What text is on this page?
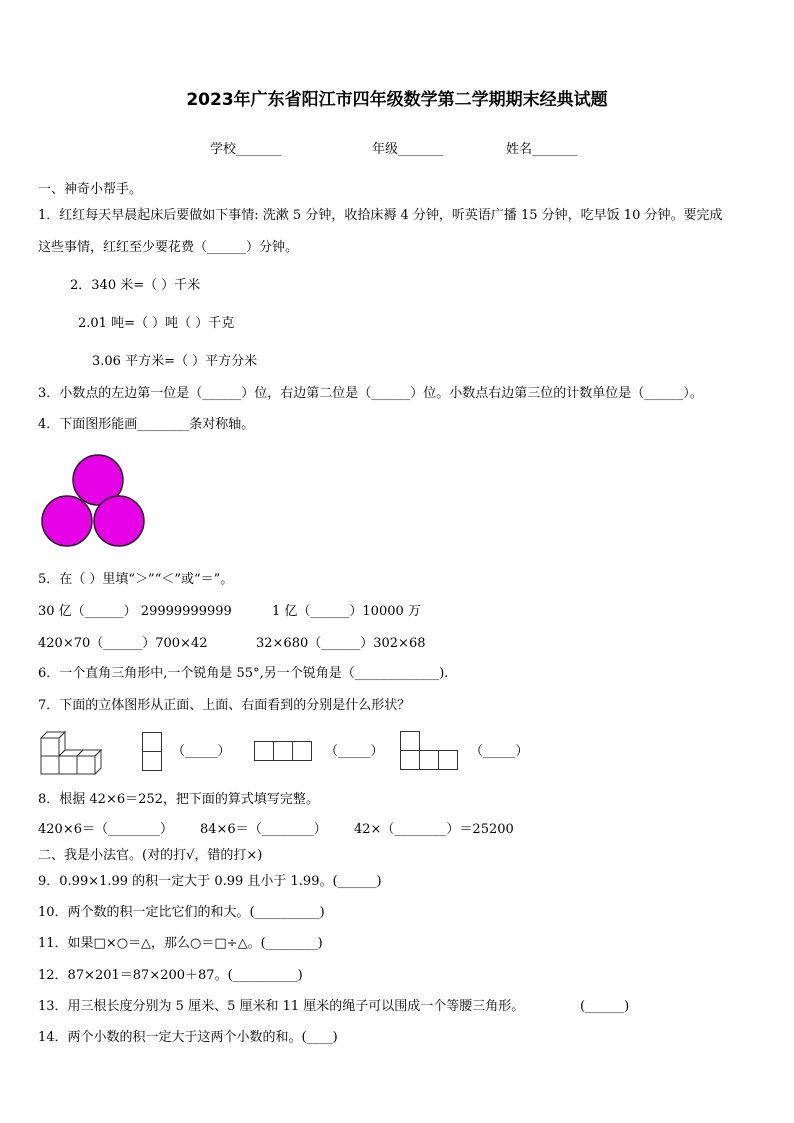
2023年广东省阳江市四年级数学第二学期期末经典试题
学校_______	年级_______	姓名_______
一、神奇小帮手。
1．红红每天早晨起床后要做如下事情: 洗漱 5 分钟，收拾床褥 4 分钟，听英语广播 15 分钟，吃早饭 10 分钟。要完成
这些事情，红红至少要花费（______）分钟。
2．340 米=（ ）千米
2.01 吨=（ ）吨（ ）千克
3.06 平方米=（ ）平方分米
3．小数点的左边第一位是（______）位，右边第二位是（______）位。小数点右边第三位的计数单位是（______）。
4．下面图形能画________条对称轴。
5．在（ ）里填“＞”“＜”或“＝”。
30 亿（______） 29999999999	1 亿（______）10000 万
420×70（______）700×42	32×680（______）302×68
6．一个直角三角形中,一个锐角是 55°,另一个锐角是（_____________).
7．下面的立体图形从正面、上面、右面看到的分别是什么形状？
（_____）	（_____）	（_____）
8．根据 42×6＝252，把下面的算式填写完整。
420×6＝（________） 84×6＝（________） 42×（________）＝25200
二、我是小法官。(对的打√，错的打×)
9．0.99×1.99 的积一定大于 0.99 且小于 1.99。(______)
10．两个数的积一定比它们的和大。(__________)
11．如果□×○＝△，那么○＝□÷△。(________)
12．87×201＝87×200＋87。(__________)
13．用三根长度分别为 5 厘米、5 厘米和 11 厘米的绳子可以围成一个等腰三角形。	(______)
14．两个小数的积一定大于这两个小数的和。(____)
